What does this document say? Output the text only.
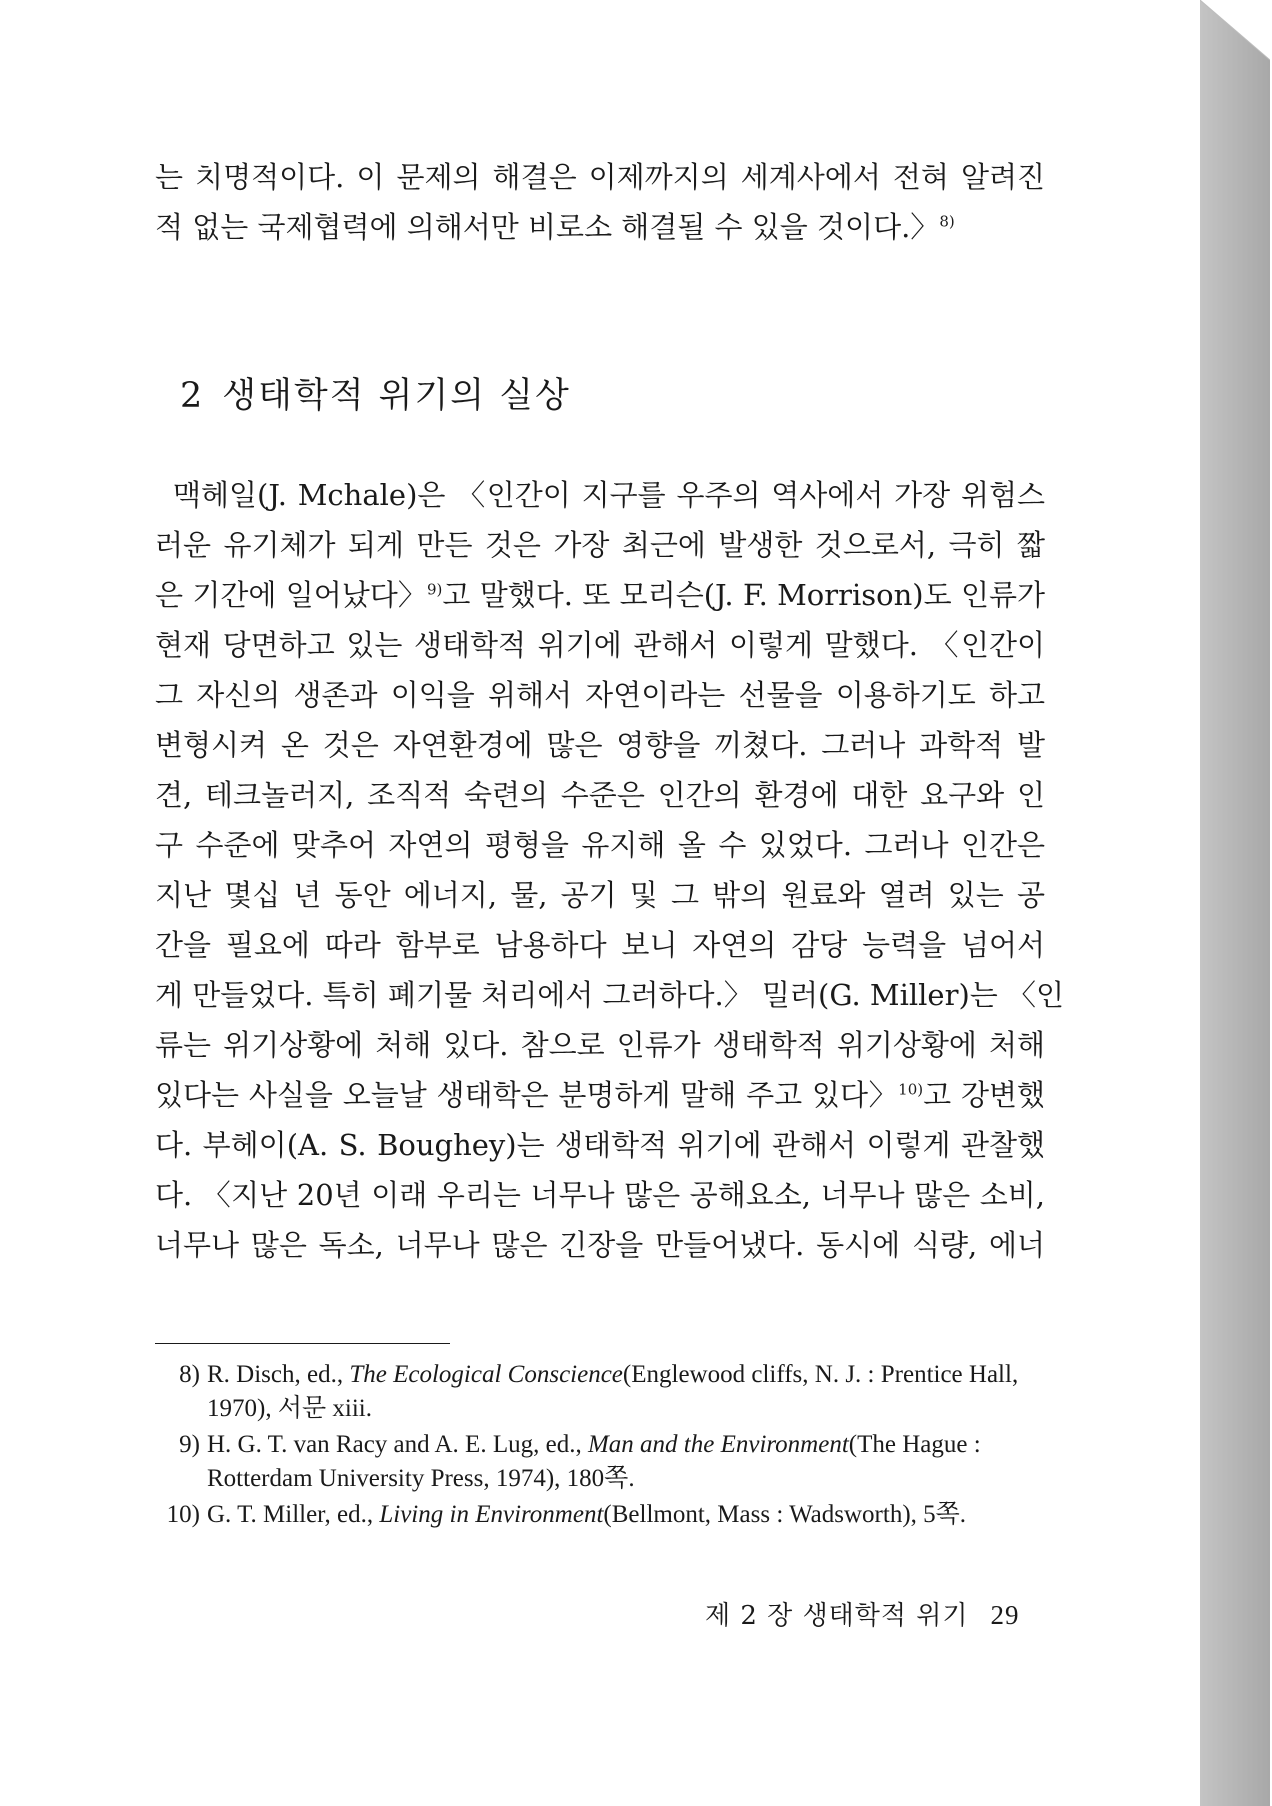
는 치명적이다. 이 문제의 해결은 이제까지의 세계사에서 전혀 알려진
적 없는 국제협력에 의해서만 비로소 해결될 수 있을 것이다.〉$^{8)}$
2 생태학적 위기의 실상
맥헤일(J. Mchale)은 〈인간이 지구를 우주의 역사에서 가장 위험스
러운 유기체가 되게 만든 것은 가장 최근에 발생한 것으로서, 극히 짧
은 기간에 일어났다〉$^{9)}$고 말했다. 또 모리슨(J. F. Morrison)도 인류가
현재 당면하고 있는 생태학적 위기에 관해서 이렇게 말했다. 〈인간이
그 자신의 생존과 이익을 위해서 자연이라는 선물을 이용하기도 하고
변형시켜 온 것은 자연환경에 많은 영향을 끼쳤다. 그러나 과학적 발
견, 테크놀러지, 조직적 숙련의 수준은 인간의 환경에 대한 요구와 인
구 수준에 맞추어 자연의 평형을 유지해 올 수 있었다. 그러나 인간은
지난 몇십 년 동안 에너지, 물, 공기 및 그 밖의 원료와 열려 있는 공
간을 필요에 따라 함부로 남용하다 보니 자연의 감당 능력을 넘어서
게 만들었다. 특히 폐기물 처리에서 그러하다.〉 밀러(G. Miller)는 〈인
류는 위기상황에 처해 있다. 참으로 인류가 생태학적 위기상황에 처해
있다는 사실을 오늘날 생태학은 분명하게 말해 주고 있다〉$^{10)}$고 강변했
다. 부헤이(A. S. Boughey)는 생태학적 위기에 관해서 이렇게 관찰했
다. 〈지난 20년 이래 우리는 너무나 많은 공해요소, 너무나 많은 소비,
너무나 많은 독소, 너무나 많은 긴장을 만들어냈다. 동시에 식량, 에너
8) R. Disch, ed., The Ecological Conscience(Englewood cliffs, N. J. : Prentice Hall,
1970), 서문 xiii.
9) H. G. T. van Racy and A. E. Lug, ed., Man and the Environment(The Hague :
Rotterdam University Press, 1974), 180쪽.
10) G. T. Miller, ed., Living in Environment(Bellmont, Mass : Wadsworth), 5쪽.
제 2 장 생태학적 위기 29
